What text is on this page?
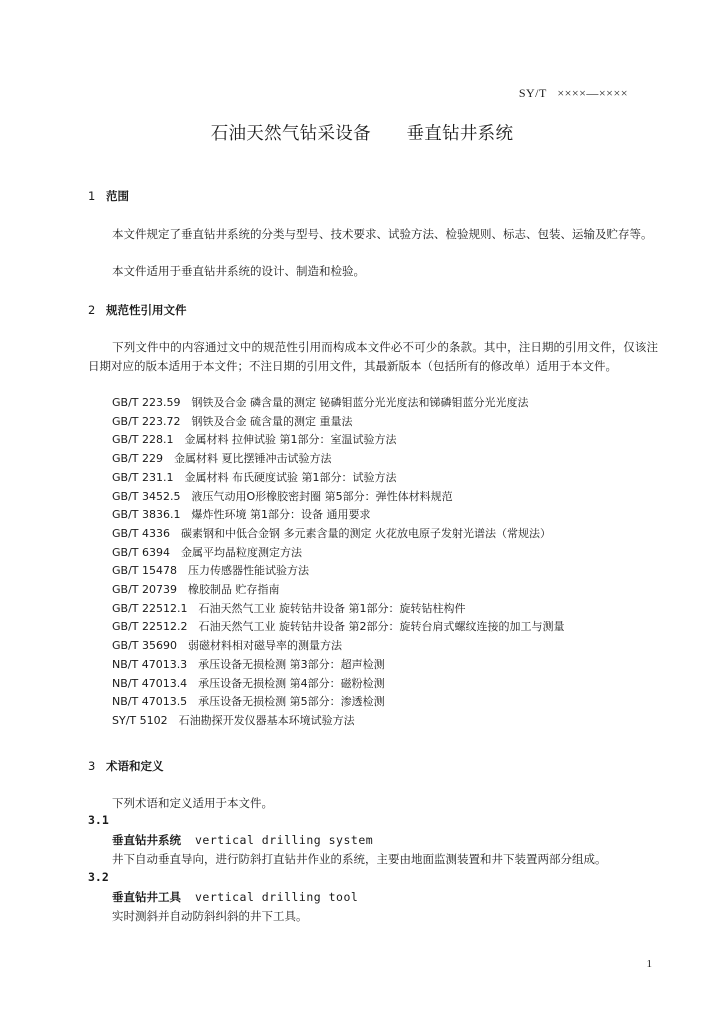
SY/T   ××××—××××
石油天然气钻采设备　　垂直钻井系统
1 范围
本文件规定了垂直钻井系统的分类与型号、技术要求、试验方法、检验规则、标志、包装、运输及贮存等。
本文件适用于垂直钻井系统的设计、制造和检验。
2 规范性引用文件
下列文件中的内容通过文中的规范性引用而构成本文件必不可少的条款。其中，注日期的引用文件，仅该注日期对应的版本适用于本文件；不注日期的引用文件，其最新版本（包括所有的修改单）适用于本文件。
GB/T 223.59　钢铁及合金 磷含量的测定 铋磷钼蓝分光光度法和锑磷钼蓝分光光度法
GB/T 223.72　钢铁及合金 硫含量的测定 重量法
GB/T 228.1　金属材料 拉伸试验 第1部分：室温试验方法
GB/T 229　金属材料 夏比摆锤冲击试验方法
GB/T 231.1　金属材料 布氏硬度试验 第1部分：试验方法
GB/T 3452.5　液压气动用O形橡胶密封圈 第5部分：弹性体材料规范
GB/T 3836.1　爆炸性环境 第1部分：设备 通用要求
GB/T 4336　碳素钢和中低合金钢 多元素含量的测定 火花放电原子发射光谱法（常规法）
GB/T 6394　金属平均晶粒度测定方法
GB/T 15478　压力传感器性能试验方法
GB/T 20739　橡胶制品 贮存指南
GB/T 22512.1　石油天然气工业 旋转钻井设备 第1部分：旋转钻柱构件
GB/T 22512.2　石油天然气工业 旋转钻井设备 第2部分：旋转台肩式螺纹连接的加工与测量
GB/T 35690　弱磁材料相对磁导率的测量方法
NB/T 47013.3　承压设备无损检测 第3部分：超声检测
NB/T 47013.4　承压设备无损检测 第4部分：磁粉检测
NB/T 47013.5　承压设备无损检测 第5部分：渗透检测
SY/T 5102　石油勘探开发仪器基本环境试验方法
3 术语和定义
下列术语和定义适用于本文件。
3.1
垂直钻井系统 vertical drilling system
井下自动垂直导向，进行防斜打直钻井作业的系统，主要由地面监测装置和井下装置两部分组成。
3.2
垂直钻井工具 vertical drilling tool
实时测斜并自动防斜纠斜的井下工具。
1
